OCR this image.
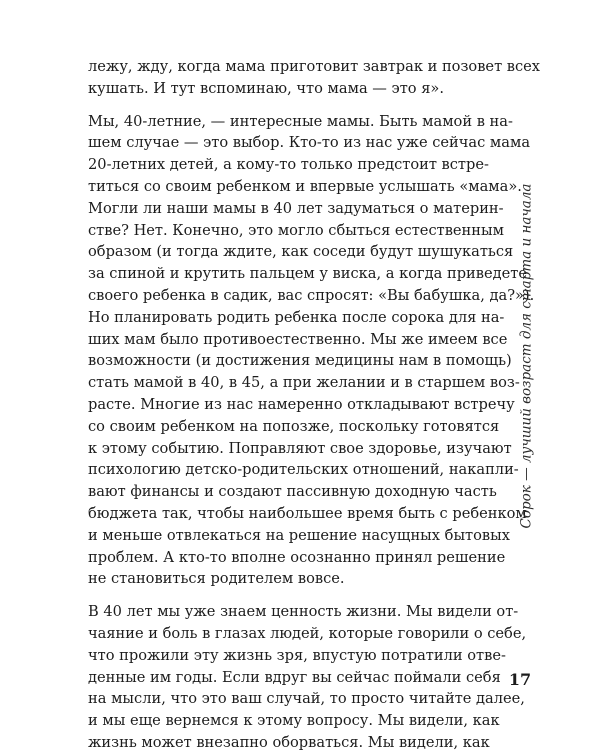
лежу, жду, когда мама приготовит завтрак и позовет всех
кушать. И тут вспоминаю, что мама — это я».

Мы, 40-летние, — интересные мамы. Быть мамой в на-
шем случае — это выбор. Кто-то из нас уже сейчас мама
20-летних детей, а кому-то только предстоит встре-
титься со своим ребенком и впервые услышать «мама».
Могли ли наши мамы в 40 лет задуматься о материн-
стве? Нет. Конечно, это могло сбыться естественным
образом (и тогда ждите, как соседи будут шушукаться
за спиной и крутить пальцем у виска, а когда приведете
своего ребенка в садик, вас спросят: «Вы бабушка, да?»).
Но планировать родить ребенка после сорока для на-
ших мам было противоестественно. Мы же имеем все
возможности (и достижения медицины нам в помощь)
стать мамой в 40, в 45, а при желании и в старшем воз-
расте. Многие из нас намеренно откладывают встречу
со своим ребенком на попозже, поскольку готовятся
к этому событию. Поправляют свое здоровье, изучают
психологию детско-родительских отношений, накапли-
вают финансы и создают пассивную доходную часть
бюджета так, чтобы наибольшее время быть с ребенком
и меньше отвлекаться на решение насущных бытовых
проблем. А кто-то вполне осознанно принял решение
не становиться родителем вовсе.

В 40 лет мы уже знаем ценность жизни. Мы видели от-
чаяние и боль в глазах людей, которые говорили о себе,
что прожили эту жизнь зря, впустую потратили отве-
денные им годы. Если вдруг вы сейчас поймали себя
на мысли, что это ваш случай, то просто читайте далее,
и мы еще вернемся к этому вопросу. Мы видели, как
жизнь может внезапно оборваться. Мы видели, как

Сорок — лучший возраст для старта и начала
17
